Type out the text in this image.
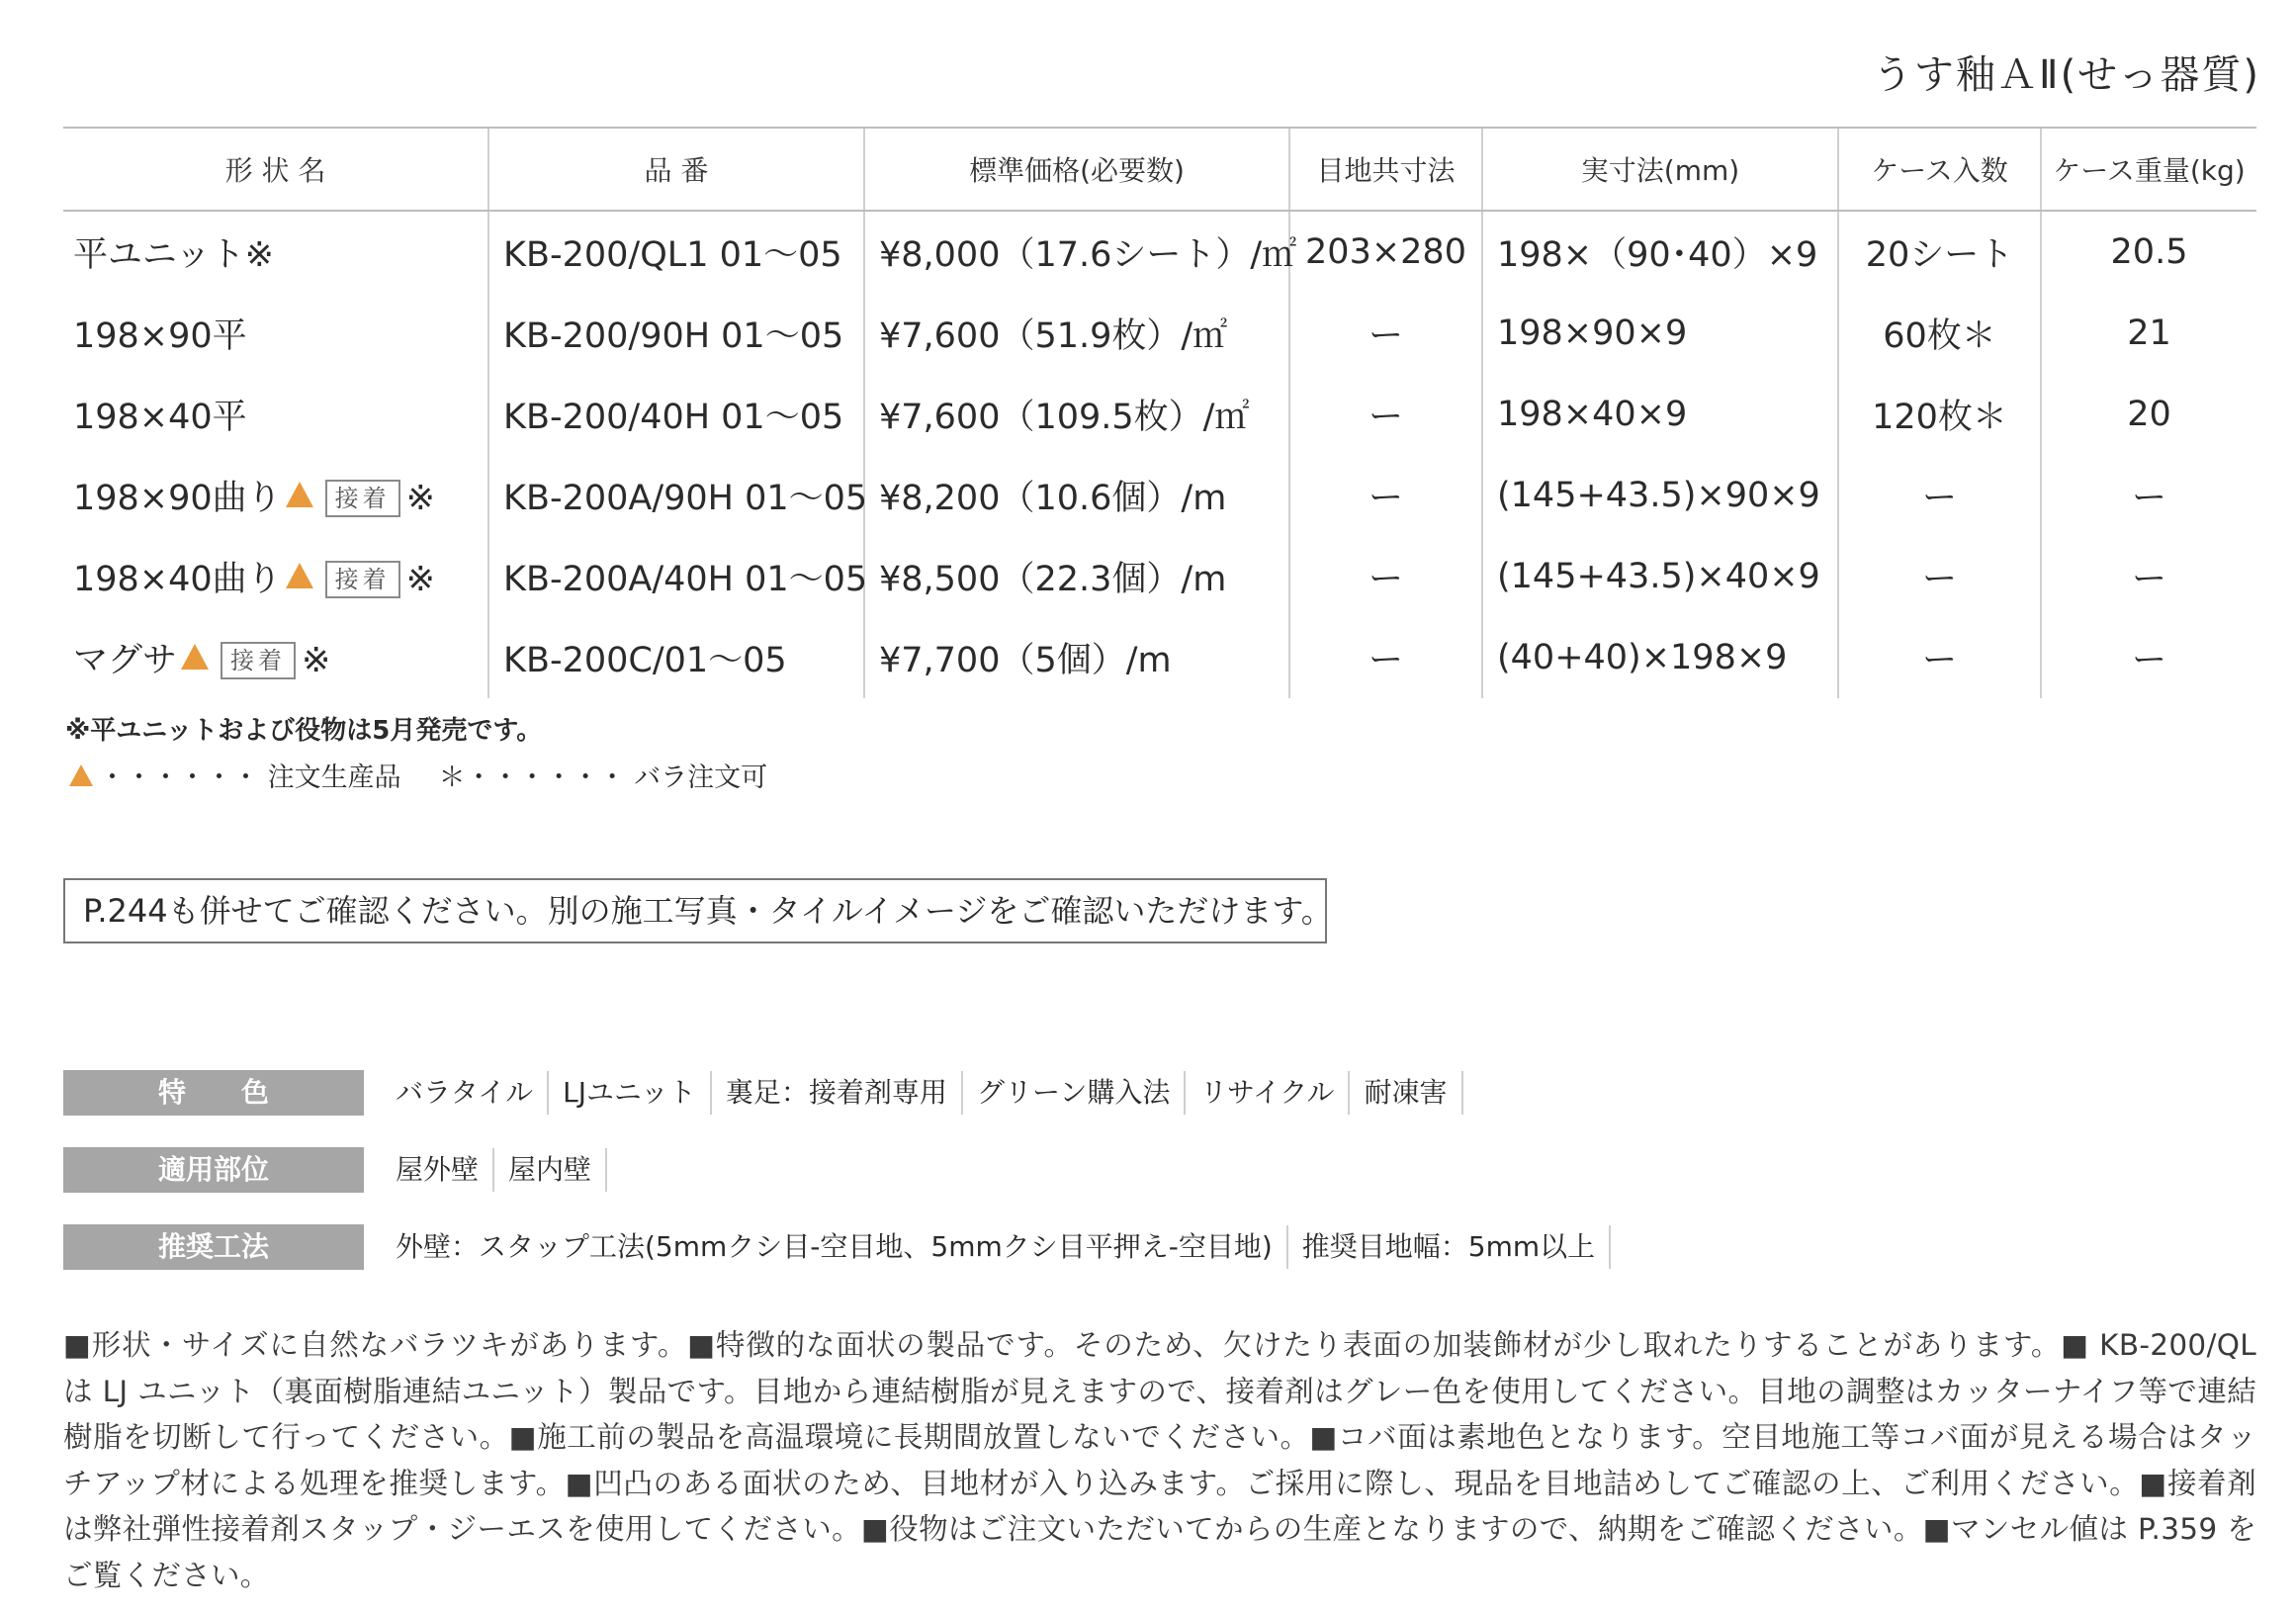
うす釉ＡⅡ(せっ器質)
形 状 名	品 番	標準価格(必要数)	目地共寸法	実寸法(mm)	ケース入数	ケース重量(kg)
平ユニット※	KB-200/QL1 01〜05	¥8,000（17.6シート）/㎡	203×280	198×（90･40）×9	20シート	20.5
198×90平	KB-200/90H 01〜05	¥7,600（51.9枚）/㎡	ー	198×90×9	60枚＊	21
198×40平	KB-200/40H 01〜05	¥7,600（109.5枚）/㎡	ー	198×40×9	120枚＊	20
198×90曲り 接着 ※	KB-200A/90H 01〜05	¥8,200（10.6個）/m	ー	(145+43.5)×90×9	ー	ー
198×40曲り 接着 ※	KB-200A/40H 01〜05	¥8,500（22.3個）/m	ー	(145+43.5)×40×9	ー	ー
マグサ 接着 ※	KB-200C/01〜05	¥7,700（5個）/m	ー	(40+40)×198×9	ー	ー
※平ユニットおよび役物は5月発売です。
・・・・・・ 注文生産品 ＊・・・・・・ バラ注文可
P.244も併せてご確認ください。別の施工写真・タイルイメージをご確認いただけます。
特　　色	バラタイル	LJユニット	裏足：接着剤専用	グリーン購入法	リサイクル	耐凍害
適用部位	屋外壁	屋内壁
推奨工法	外壁：スタップ工法(5mmクシ目-空目地、5mmクシ目平押え-空目地)	推奨目地幅：5mm以上
■形状・サイズに自然なバラツキがあります。■特徴的な面状の製品です。そのため、欠けたり表面の加装飾材が少し取れたりすることがあります。■ KB-200/QL は LJ ユニット（裏面樹脂連結ユニット）製品です。目地から連結樹脂が見えますので、接着剤はグレー色を使用してください。目地の調整はカッターナイフ等で連結樹脂を切断して行ってください。■施工前の製品を高温環境に長期間放置しないでください。■コバ面は素地色となります。空目地施工等コバ面が見える場合はタッチアップ材による処理を推奨します。■凹凸のある面状のため、目地材が入り込みます。ご採用に際し、現品を目地詰めしてご確認の上、ご利用ください。■接着剤は弊社弾性接着剤スタップ・ジーエスを使用してください。■役物はご注文いただいてからの生産となりますので、納期をご確認ください。■マンセル値は P.359 をご覧ください。
